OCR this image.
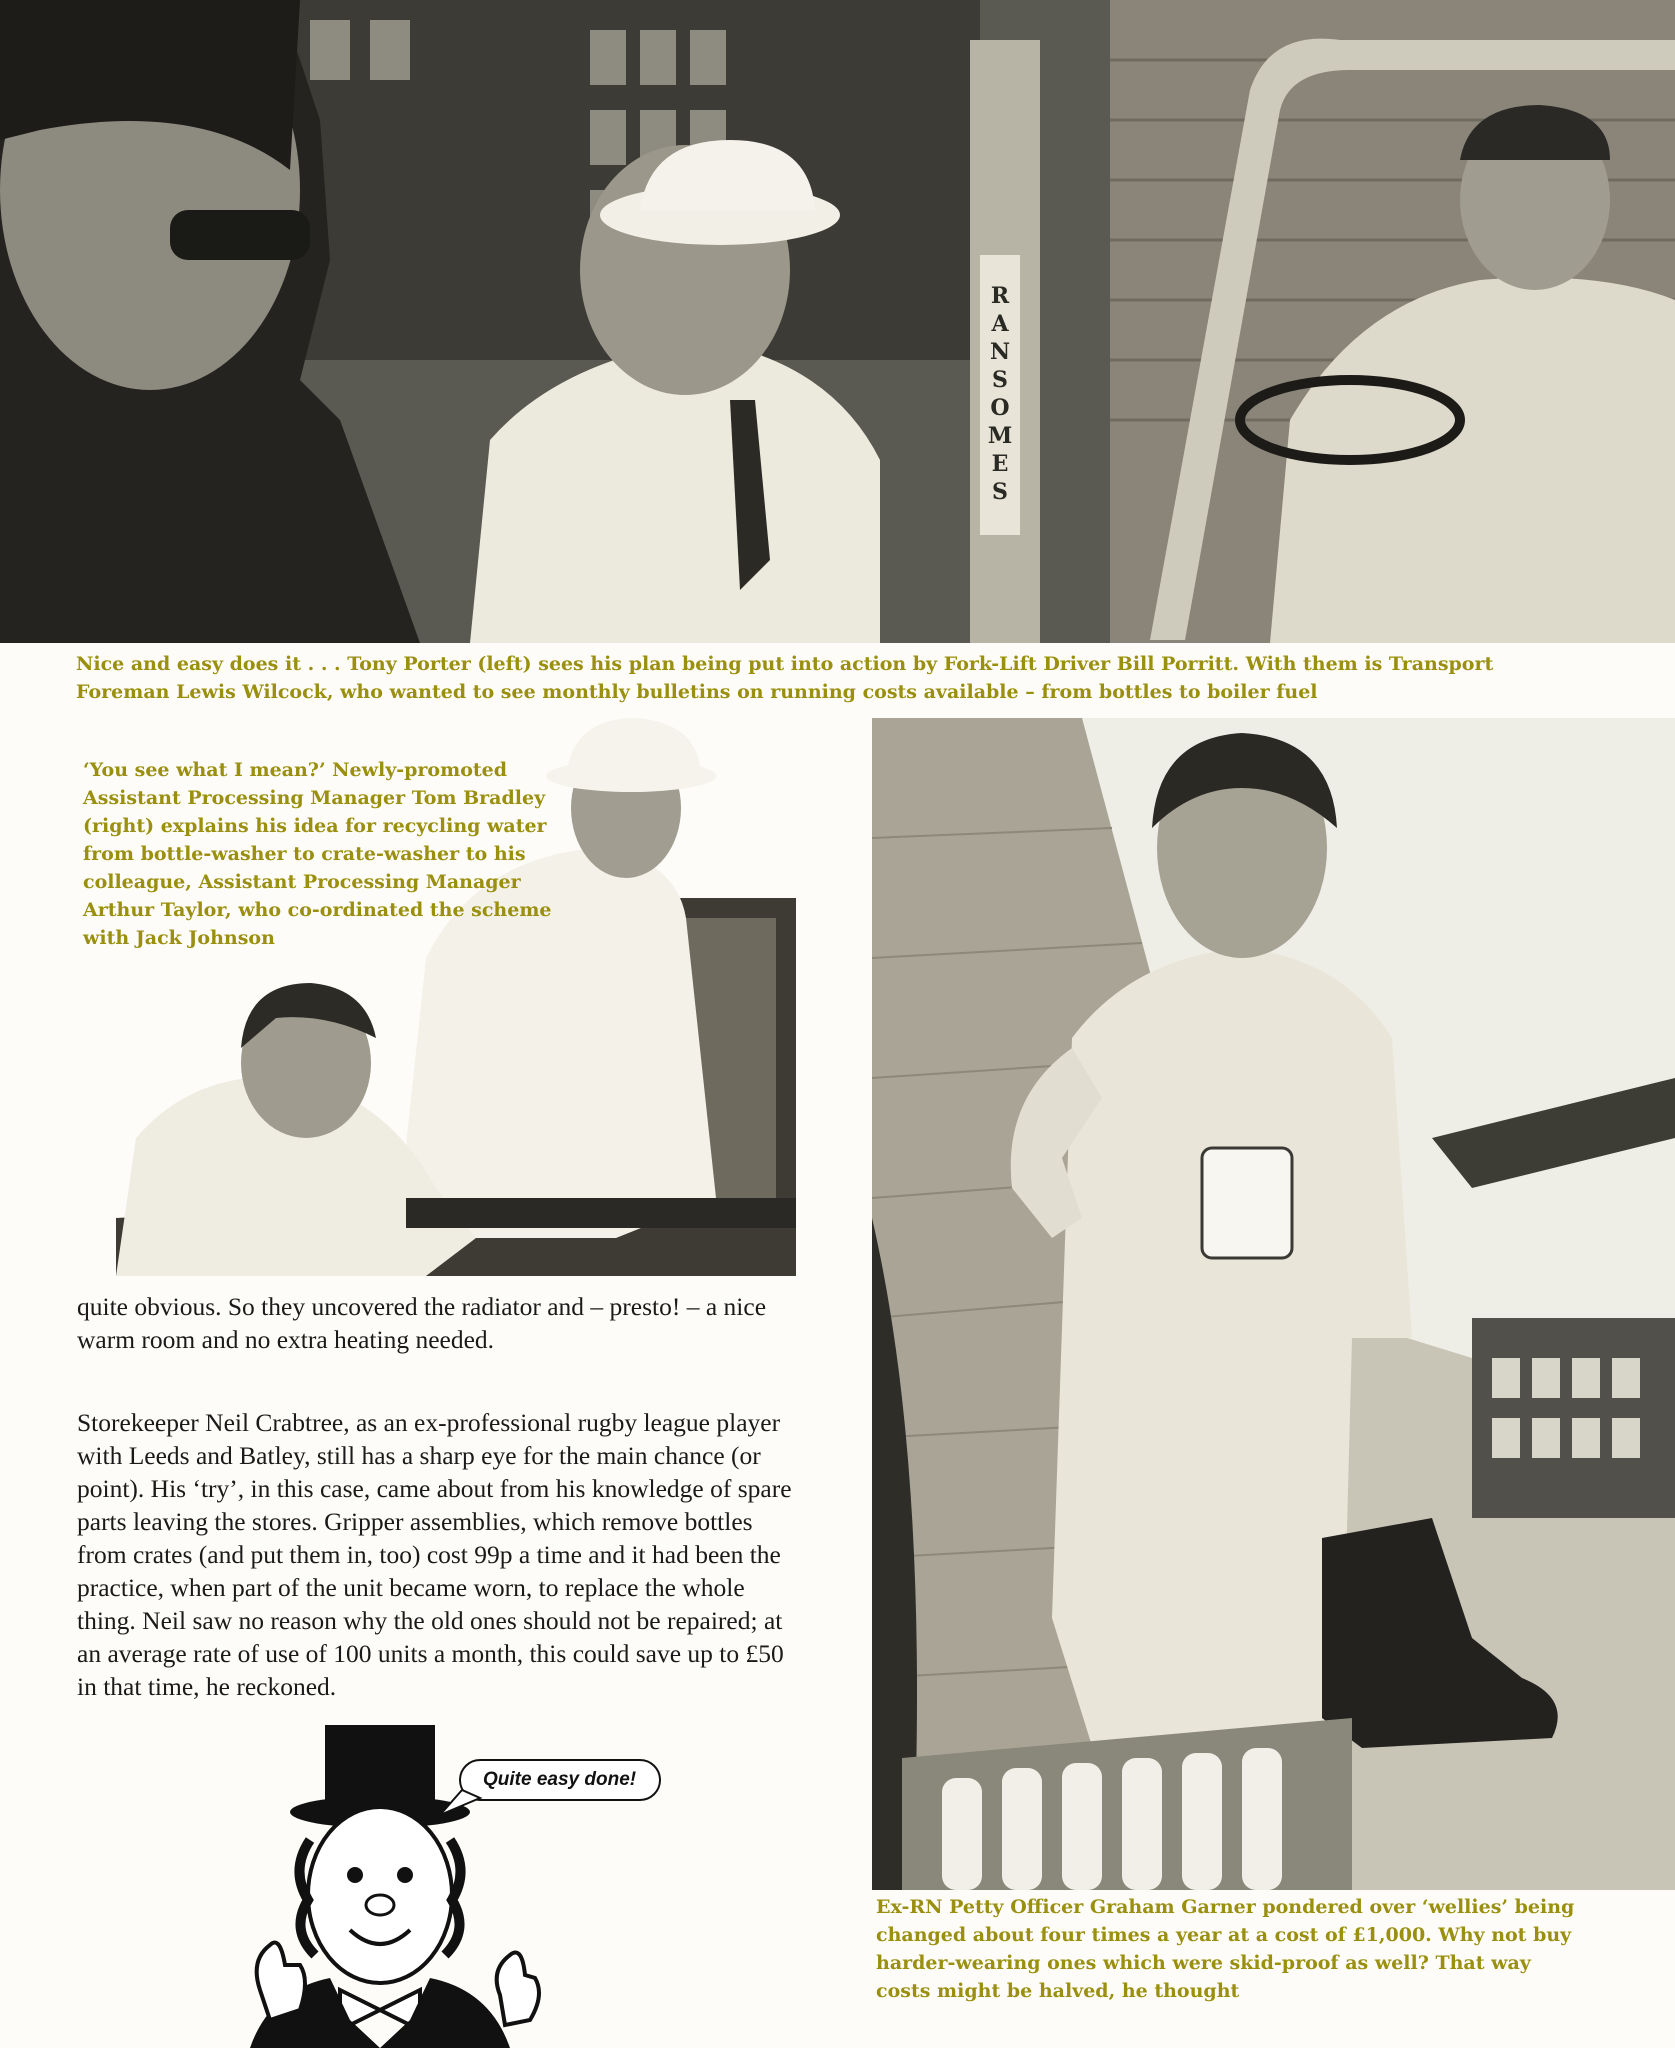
RANSOMES

Nice and easy does it . . . Tony Porter (left) sees his plan being put into action by Fork-Lift Driver Bill Porritt. With them is Transport Foreman Lewis Wilcock, who wanted to see monthly bulletins on running costs available – from bottles to boiler fuel

‘You see what I mean?’ Newly-promoted Assistant Processing Manager Tom Bradley (right) explains his idea for recycling water from bottle-washer to crate-washer to his colleague, Assistant Processing Manager Arthur Taylor, who co-ordinated the scheme with Jack Johnson

quite obvious. So they uncovered the radiator and – presto! – a nice warm room and no extra heating needed.

Storekeeper Neil Crabtree, as an ex-professional rugby league player with Leeds and Batley, still has a sharp eye for the main chance (or point). His ‘try’, in this case, came about from his knowledge of spare parts leaving the stores. Gripper assemblies, which remove bottles from crates (and put them in, too) cost 99p a time and it had been the practice, when part of the unit became worn, to replace the whole thing. Neil saw no reason why the old ones should not be repaired; at an average rate of use of 100 units a month, this could save up to £50 in that time, he reckoned.

Quite easy done!

Ex-RN Petty Officer Graham Garner pondered over ‘wellies’ being changed about four times a year at a cost of £1,000. Why not buy harder-wearing ones which were skid-proof as well? That way costs might be halved, he thought
